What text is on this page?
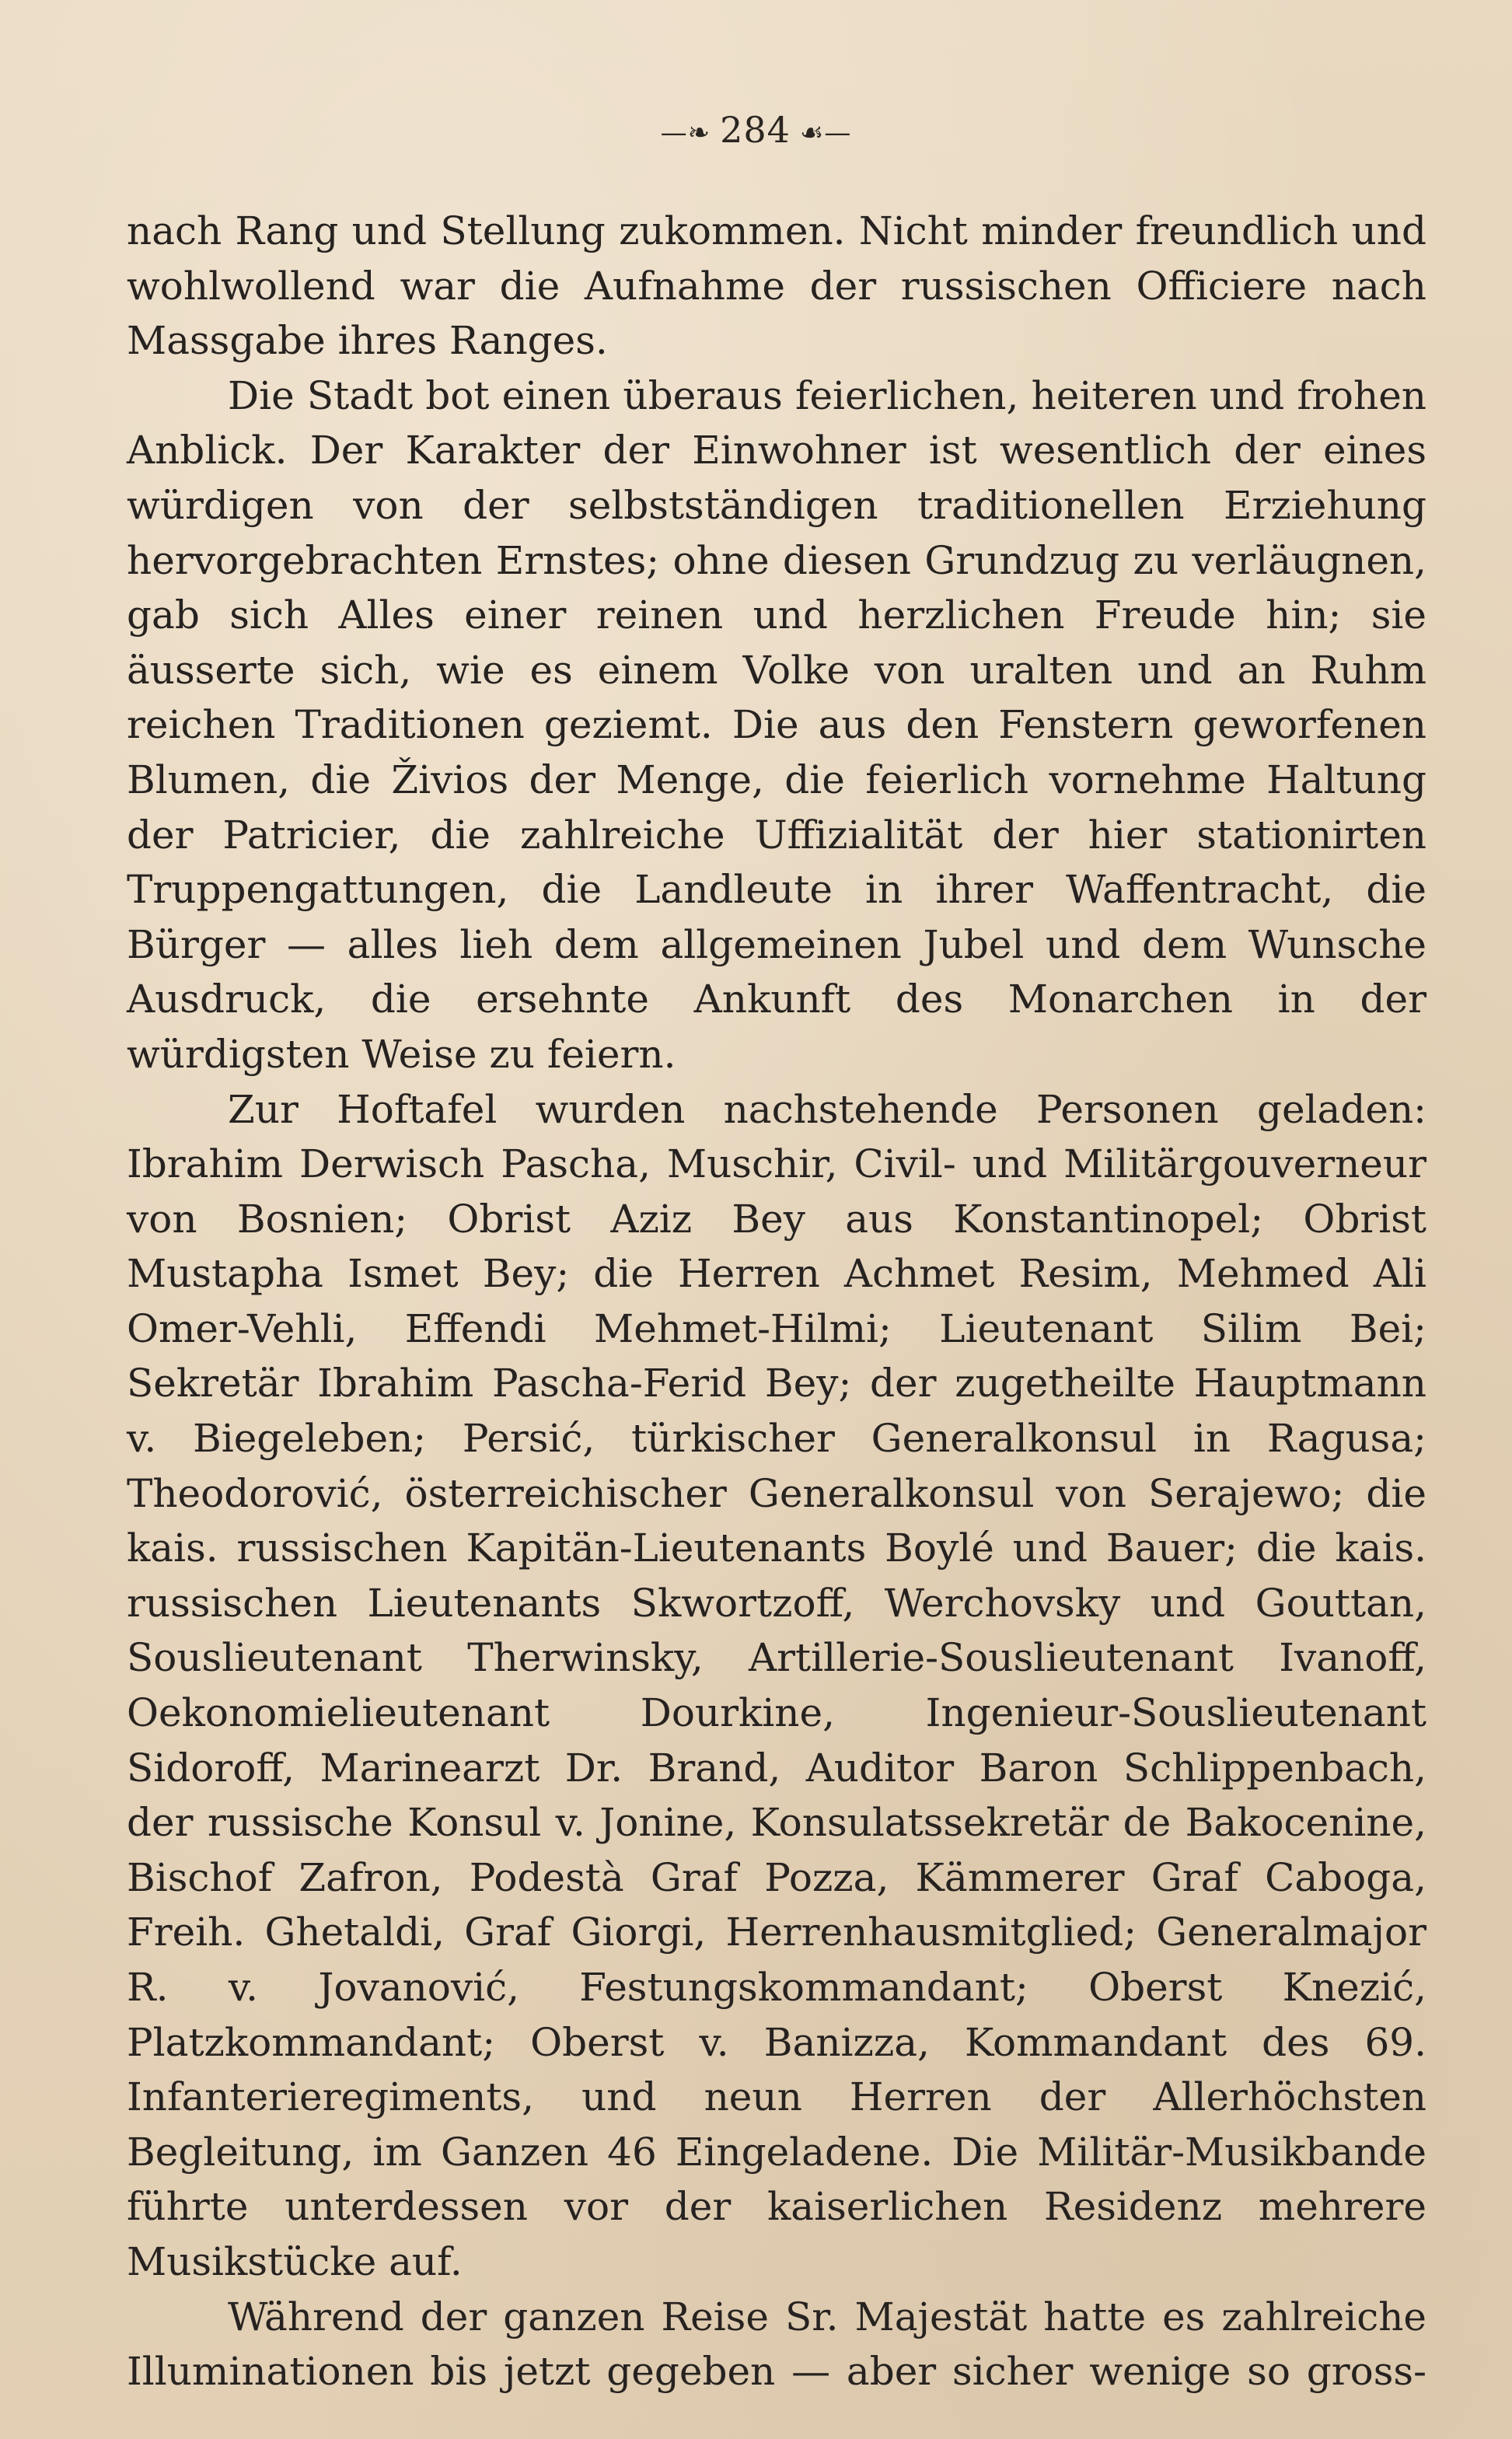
—❧ 284 ☙—

nach Rang und Stellung zukommen. Nicht minder freundlich und wohlwollend war die Aufnahme der russischen Officiere nach Massgabe ihres Ranges.

Die Stadt bot einen überaus feierlichen, heiteren und frohen Anblick. Der Karakter der Einwohner ist wesentlich der eines würdigen von der selbstständigen traditionellen Erziehung hervorgebrachten Ernstes; ohne diesen Grundzug zu verläugnen, gab sich Alles einer reinen und herzlichen Freude hin; sie äusserte sich, wie es einem Volke von uralten und an Ruhm reichen Traditionen geziemt. Die aus den Fenstern geworfenen Blumen, die Živios der Menge, die feierlich vornehme Haltung der Patricier, die zahlreiche Uffizialität der hier stationirten Truppengattungen, die Landleute in ihrer Waffentracht, die Bürger — alles lieh dem allgemeinen Jubel und dem Wunsche Ausdruck, die ersehnte Ankunft des Monarchen in der würdigsten Weise zu feiern.

Zur Hoftafel wurden nachstehende Personen geladen: Ibrahim Derwisch Pascha, Muschir, Civil- und Militärgouverneur von Bosnien; Obrist Aziz Bey aus Konstantinopel; Obrist Mustapha Ismet Bey; die Herren Achmet Resim, Mehmed Ali Omer-Vehli, Effendi Mehmet-Hilmi; Lieutenant Silim Bei; Sekretär Ibrahim Pascha-Ferid Bey; der zugetheilte Hauptmann v. Biegeleben; Persić, türkischer Generalkonsul in Ragusa; Theodorović, österreichischer Generalkonsul von Serajewo; die kais. russischen Kapitän-Lieutenants Boylé und Bauer; die kais. russischen Lieutenants Skwortzoff, Werchovsky und Gouttan, Souslieutenant Therwinsky, Artillerie-Souslieutenant Ivanoff, Oekonomielieutenant Dourkine, Ingenieur-Souslieutenant Sidoroff, Marinearzt Dr. Brand, Auditor Baron Schlippenbach, der russische Konsul v. Jonine, Konsulatssekretär de Bakocenine, Bischof Zafron, Podestà Graf Pozza, Kämmerer Graf Caboga, Freih. Ghetaldi, Graf Giorgi, Herrenhausmitglied; Generalmajor R. v. Jovanović, Festungskommandant; Oberst Knezić, Platzkommandant; Oberst v. Banizza, Kommandant des 69. Infanterieregiments, und neun Herren der Allerhöchsten Begleitung, im Ganzen 46 Eingeladene. Die Militär-Musikbande führte unterdessen vor der kaiserlichen Residenz mehrere Musikstücke auf.

Während der ganzen Reise Sr. Majestät hatte es zahlreiche Illuminationen bis jetzt gegeben — aber sicher wenige so gross-
